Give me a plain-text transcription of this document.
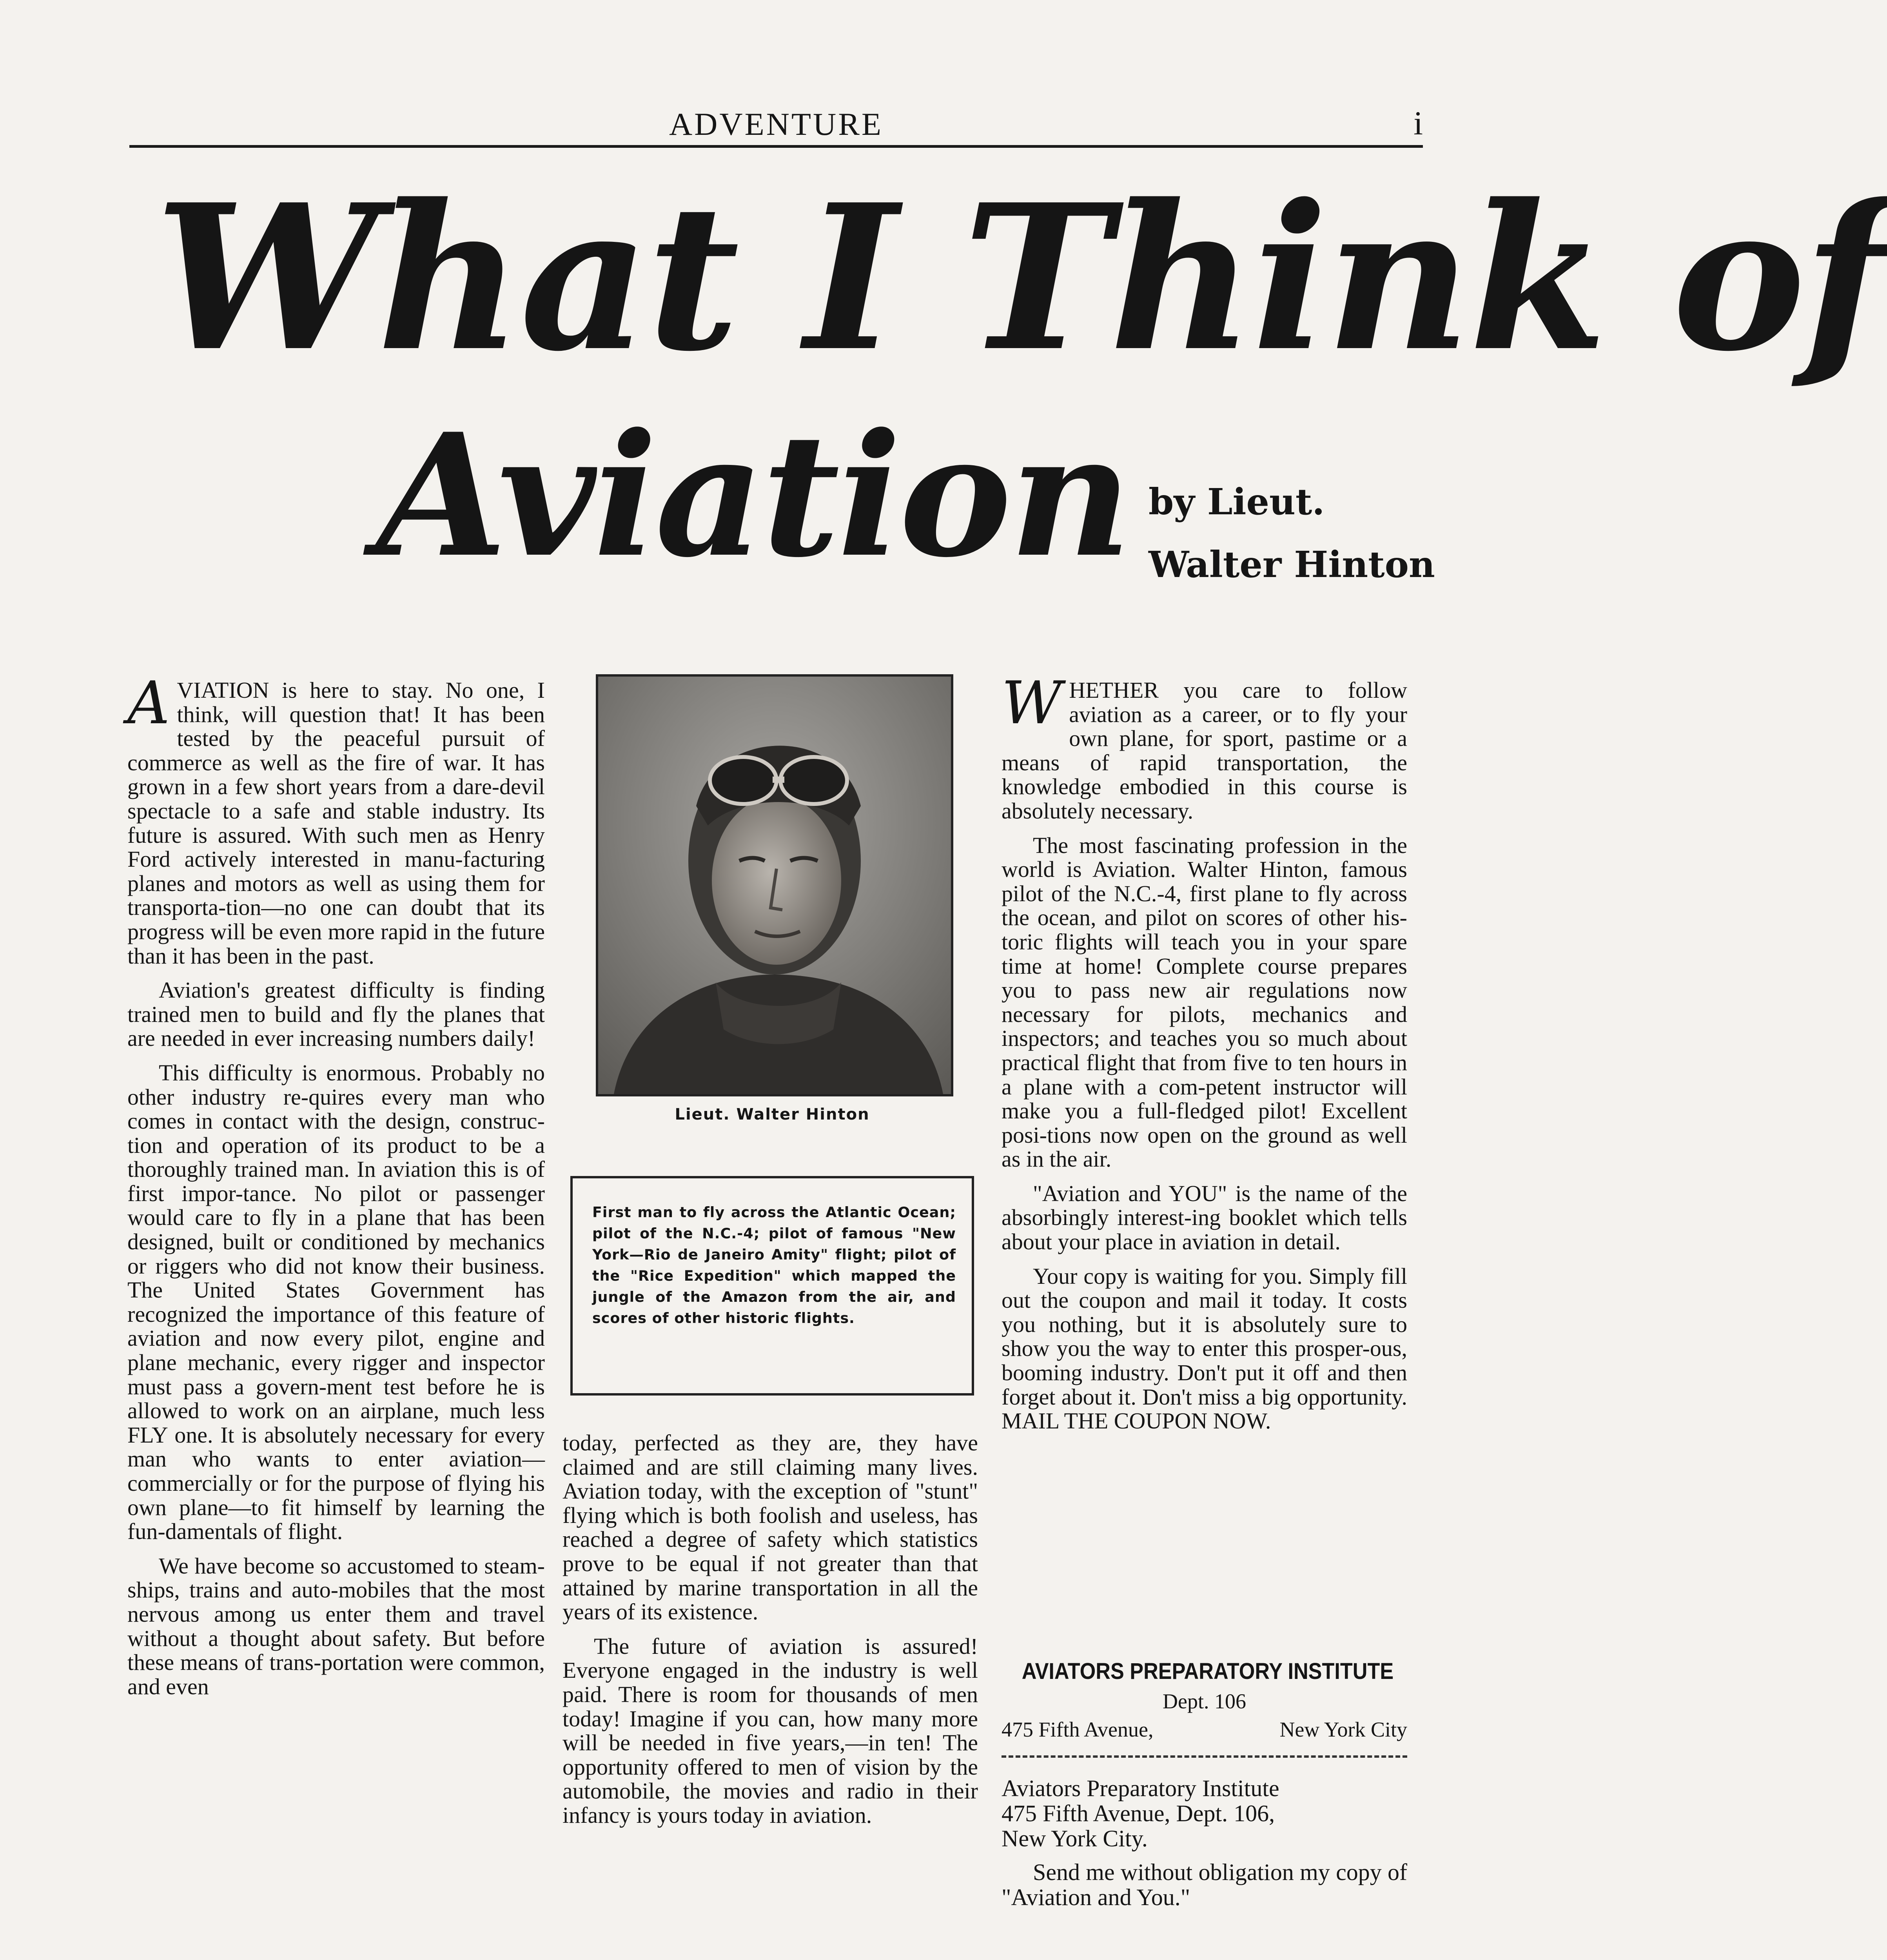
ADVENTURE	i
What I Think of
Aviation by Lieut.
Walter Hinton

AVIATION is here to stay. No one, I think, will question that! It has been tested by the peaceful pursuit of commerce as well as the fire of war. It has grown in a few short years from a dare-devil spectacle to a safe and stable industry. Its future is assured. With such men as Henry Ford actively interested in manu-facturing planes and motors as well as using them for transporta-tion—no one can doubt that its progress will be even more rapid in the future than it has been in the past.

Aviation's greatest difficulty is finding trained men to build and fly the planes that are needed in ever increasing numbers daily!

This difficulty is enormous. Probably no other industry re-quires every man who comes in contact with the design, construc-tion and operation of its product to be a thoroughly trained man. In aviation this is of first impor-tance. No pilot or passenger would care to fly in a plane that has been designed, built or conditioned by mechanics or riggers who did not know their business. The United States Government has recognized the importance of this feature of aviation and now every pilot, engine and plane mechanic, every rigger and inspector must pass a govern-ment test before he is allowed to work on an airplane, much less FLY one. It is absolutely necessary for every man who wants to enter aviation—commercially or for the purpose of flying his own plane—to fit himself by learning the fun-damentals of flight.

We have become so accustomed to steam-ships, trains and auto-mobiles that the most nervous among us enter them and travel without a thought about safety. But before these means of trans-portation were common, and even

Lieut. Walter Hinton
First man to fly across the Atlantic Ocean; pilot of the N.C.-4; pilot of famous "New York—Rio de Janeiro Amity" flight; pilot of the "Rice Expedition" which mapped the jungle of the Amazon from the air, and scores of other historic flights.

today, perfected as they are, they have claimed and are still claiming many lives. Aviation today, with the exception of "stunt" flying which is both foolish and useless, has reached a degree of safety which statistics prove to be equal if not greater than that attained by marine transportation in all the years of its existence.

The future of aviation is assured! Everyone engaged in the industry is well paid. There is room for thousands of men today! Imagine if you can, how many more will be needed in five years,—in ten! The opportunity offered to men of vision by the automobile, the movies and radio in their infancy is yours today in aviation.

WHETHER you care to follow aviation as a career, or to fly your own plane, for sport, pastime or a means of rapid transportation, the knowledge embodied in this course is absolutely necessary.

The most fascinating profession in the world is Aviation. Walter Hinton, famous pilot of the N.C.-4, first plane to fly across the ocean, and pilot on scores of other his-toric flights will teach you in your spare time at home! Complete course prepares you to pass new air regulations now necessary for pilots, mechanics and inspectors; and teaches you so much about practical flight that from five to ten hours in a plane with a com-petent instructor will make you a full-fledged pilot! Excellent posi-tions now open on the ground as well as in the air.

"Aviation and YOU" is the name of the absorbingly interest-ing booklet which tells about your place in aviation in detail.

Your copy is waiting for you. Simply fill out the coupon and mail it today. It costs you nothing, but it is absolutely sure to show you the way to enter this prosper-ous, booming industry. Don't put it off and then forget about it. Don't miss a big opportunity. MAIL THE COUPON NOW.

AVIATORS PREPARATORY INSTITUTE
Dept. 106
475 Fifth Avenue,	New York City
Aviators Preparatory Institute
475 Fifth Avenue, Dept. 106,
New York City.
Send me without obligation my copy of "Aviation and You."
